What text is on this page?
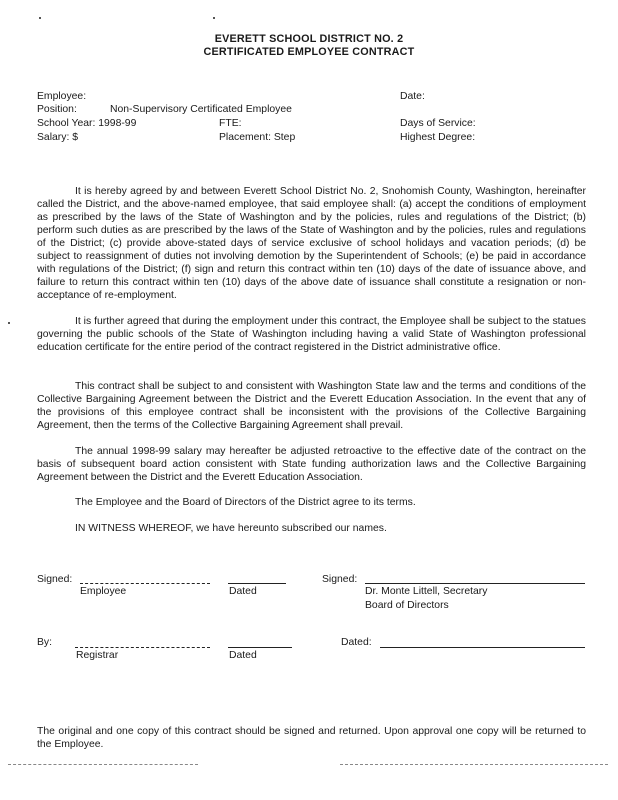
EVERETT SCHOOL DISTRICT NO. 2
CERTIFICATED EMPLOYEE CONTRACT
Employee:	Date:
Position:	Non-Supervisory Certificated Employee
School Year: 1998-99	FTE:	Days of Service:
Salary: $	Placement: Step	Highest Degree:
It is hereby agreed by and between Everett School District No. 2, Snohomish County, Washington, hereinafter called the District, and the above-named employee, that said employee shall: (a) accept the conditions of employment as prescribed by the laws of the State of Washington and by the policies, rules and regulations of the District; (b) perform such duties as are prescribed by the laws of the State of Washington and by the policies, rules and regulations of the District; (c) provide above-stated days of service exclusive of school holidays and vacation periods; (d) be subject to reassignment of duties not involving demotion by the Superintendent of Schools; (e) be paid in accordance with regulations of the District; (f) sign and return this contract within ten (10) days of the date of issuance above, and failure to return this contract within ten (10) days of the above date of issuance shall constitute a resignation or non-acceptance of re-employment.
It is further agreed that during the employment under this contract, the Employee shall be subject to the statues governing the public schools of the State of Washington including having a valid State of Washington professional education certificate for the entire period of the contract registered in the District administrative office.
This contract shall be subject to and consistent with Washington State law and the terms and conditions of the Collective Bargaining Agreement between the District and the Everett Education Association. In the event that any of the provisions of this employee contract shall be inconsistent with the provisions of the Collective Bargaining Agreement, then the terms of the Collective Bargaining Agreement shall prevail.
The annual 1998-99 salary may hereafter be adjusted retroactive to the effective date of the contract on the basis of subsequent board action consistent with State funding authorization laws and the Collective Bargaining Agreement between the District and the Everett Education Association.
The Employee and the Board of Directors of the District agree to its terms.
IN WITNESS WHEREOF, we have hereunto subscribed our names.
Signed:
Employee	Dated
Signed:
Dr. Monte Littell, Secretary
Board of Directors
By:
Registrar	Dated
Dated:
The original and one copy of this contract should be signed and returned. Upon approval one copy will be returned to the Employee.
